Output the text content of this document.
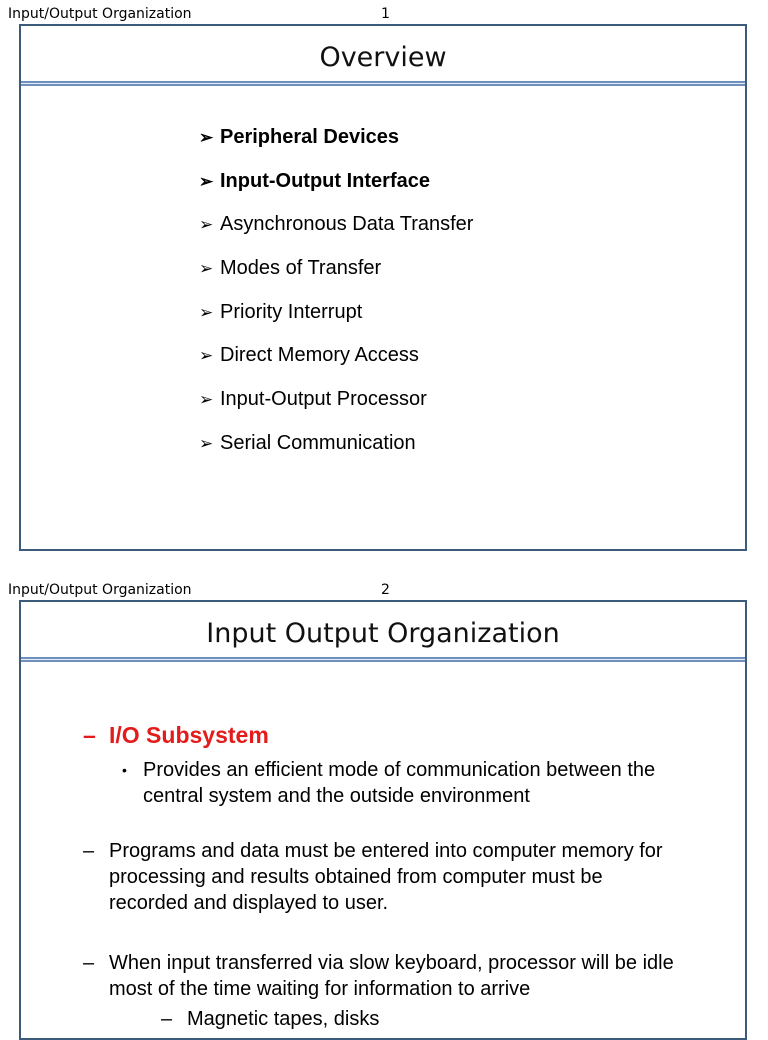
Input/Output Organization	1
Overview
➢ Peripheral Devices
➢ Input-Output Interface
➢ Asynchronous Data Transfer
➢ Modes of Transfer
➢ Priority Interrupt
➢ Direct Memory Access
➢ Input-Output Processor
➢ Serial Communication
Input/Output Organization	2
Input Output Organization
– I/O Subsystem
• Provides an efficient mode of communication between the
central system and the outside environment
– Programs and data must be entered into computer memory for
processing and results obtained from computer must be
recorded and displayed to user.
– When input transferred via slow keyboard, processor will be idle
most of the time waiting for information to arrive
– Magnetic tapes, disks
